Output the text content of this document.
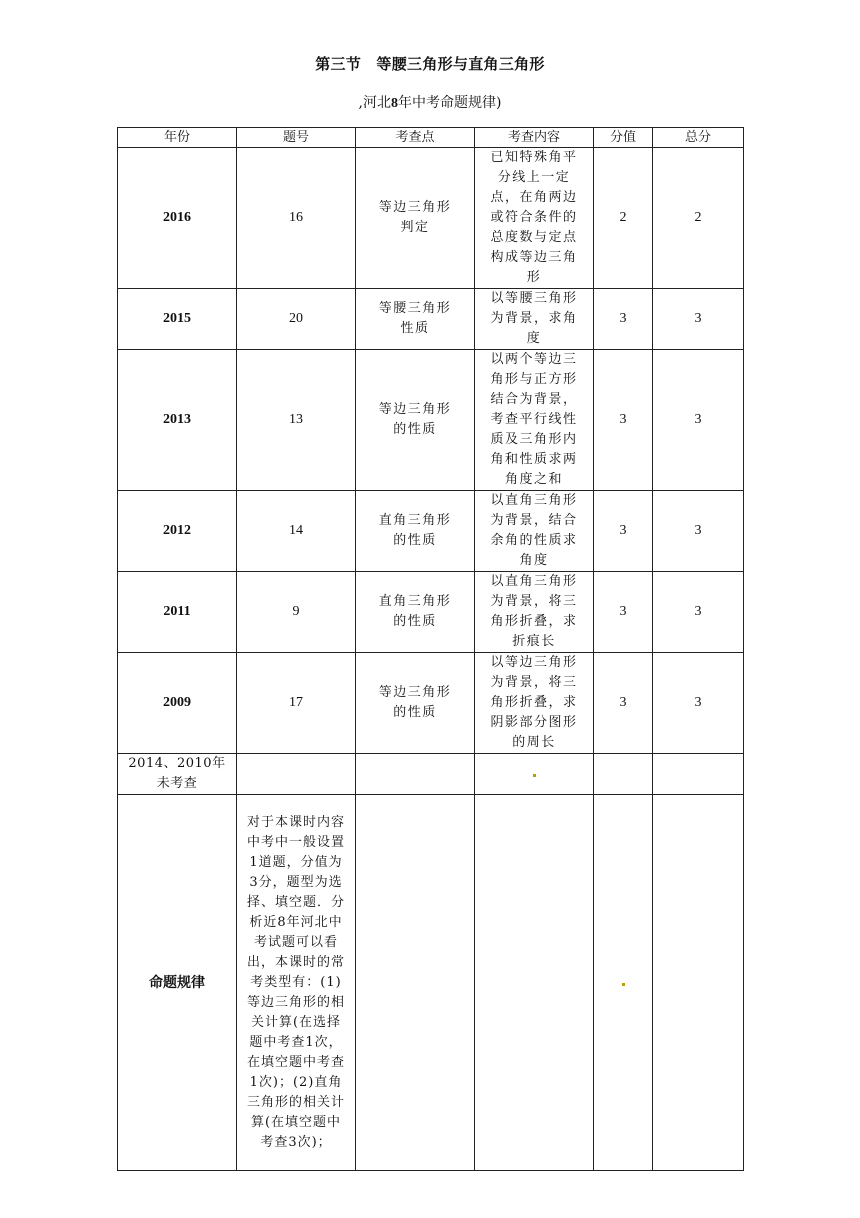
第三节　等腰三角形与直角三角形
,河北8年中考命题规律)
年份	题号	考查点	考查内容	分值	总分
2016	16	等边三角形判定	已知特殊角平分线上一定点，在角两边或符合条件的总度数与定点构成等边三角形	2	2
2015	20	等腰三角形性质	以等腰三角形为背景，求角度	3	3
2013	13	等边三角形的性质	以两个等边三角形与正方形结合为背景，考查平行线性质及三角形内角和性质求两角度之和	3	3
2012	14	直角三角形的性质	以直角三角形为背景，结合余角的性质求角度	3	3
2011	9	直角三角形的性质	以直角三角形为背景，将三角形折叠，求折痕长	3	3
2009	17	等边三角形的性质	以等边三角形为背景，将三角形折叠，求阴影部分图形的周长	3	3
2014、2010年未考查					
命题规律	对于本课时内容中考中一般设置1道题，分值为3分，题型为选择、填空题．分析近8年河北中考试题可以看出，本课时的常考类型有：(1)等边三角形的相关计算(在选择题中考查1次，在填空题中考查1次)；(2)直角三角形的相关计算(在填空题中考查3次)；				
